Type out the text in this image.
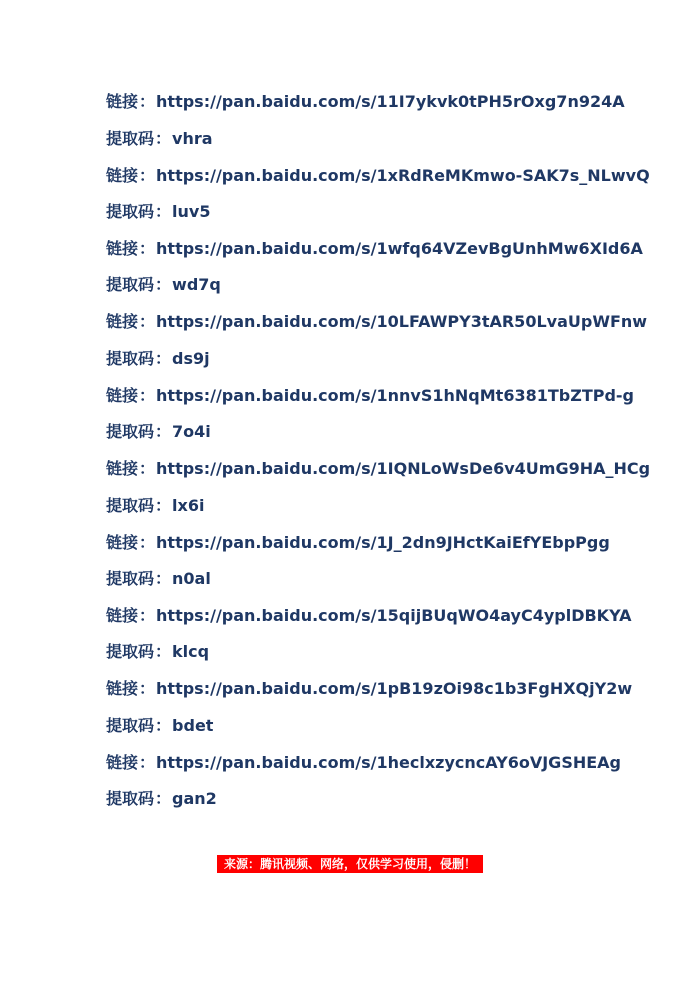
链接：https://pan.baidu.com/s/11I7ykvk0tPH5rOxg7n924A
提取码：vhra
链接：https://pan.baidu.com/s/1xRdReMKmwo-SAK7s_NLwvQ
提取码：luv5
链接：https://pan.baidu.com/s/1wfq64VZevBgUnhMw6XId6A
提取码：wd7q
链接：https://pan.baidu.com/s/10LFAWPY3tAR50LvaUpWFnw
提取码：ds9j
链接：https://pan.baidu.com/s/1nnvS1hNqMt6381TbZTPd-g
提取码：7o4i
链接：https://pan.baidu.com/s/1IQNLoWsDe6v4UmG9HA_HCg
提取码：lx6i
链接：https://pan.baidu.com/s/1J_2dn9JHctKaiEfYEbpPgg
提取码：n0al
链接：https://pan.baidu.com/s/15qijBUqWO4ayC4yplDBKYA
提取码：klcq
链接：https://pan.baidu.com/s/1pB19zOi98c1b3FgHXQjY2w
提取码：bdet
链接：https://pan.baidu.com/s/1heclxzycncAY6oVJGSHEAg
提取码：gan2
来源：腾讯视频、网络，仅供学习使用，侵删！
